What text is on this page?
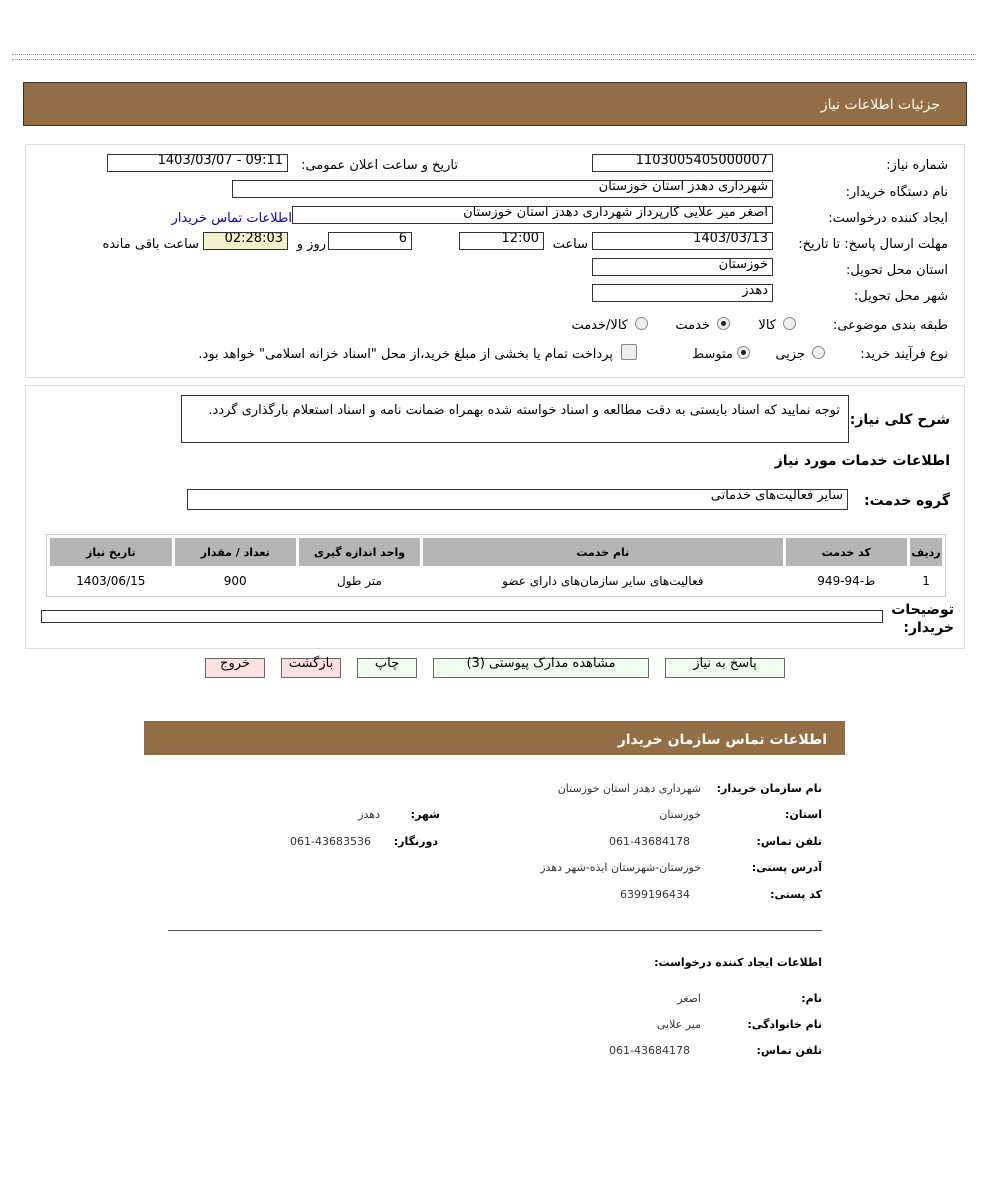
جزئیات اطلاعات نیاز
شماره نیاز:
1103005405000007
تاریخ و ساعت اعلان عمومی:
1403/03/07 - 09:11
نام دستگاه خریدار:
شهرداری دهدز استان خوزستان
ایجاد کننده درخواست:
اصغر میر علایی کارپرداز شهرداری دهدز استان خوزستان
اطلاعات تماس خریدار
مهلت ارسال پاسخ: تا تاریخ:
1403/03/13
ساعت
12:00
6
روز و
02:28:03
ساعت باقی مانده
استان محل تحویل:
خوزستان
شهر محل تحویل:
دهدز
طبقه بندی موضوعی:
کالا
خدمت
کالا/خدمت
نوع فرآیند خرید:
جزیی
متوسط
پرداخت تمام یا بخشی از مبلغ خرید،از محل "اسناد خزانه اسلامی" خواهد بود.
شرح کلی نیاز:
توجه نمایید که اسناد بایستی به دقت مطالعه و اسناد خواسته شده بهمراه ضمانت نامه و اسناد استعلام بارگذاری گردد.
اطلاعات خدمات مورد نیاز
گروه خدمت:
سایر فعالیت‌های خدماتی
ردیف	کد خدمت	نام خدمت	واحد اندازه گیری	تعداد / مقدار	تاریخ نیاز
1	ط-94-949	فعالیت‌های سایر سازمان‌های دارای عضو	متر طول	900	1403/06/15
توضیحات خریدار:
پاسخ به نیاز
مشاهده مدارک پیوستی (3)
چاپ
بازگشت
خروج
اطلاعات تماس سازمان خریدار
نام سازمان خریدار:
شهرداری دهدز استان خوزستان
استان:
خوزستان
شهر:
دهدز
تلفن تماس:
061-43684178
دورنگار:
061-43683536
آدرس پستی:
خوزستان-شهرستان ایذه-شهر دهدز
کد پستی:
6399196434
اطلاعات ایجاد کننده درخواست:
نام:
اصغر
نام خانوادگی:
میر علایی
تلفن تماس:
061-43684178
